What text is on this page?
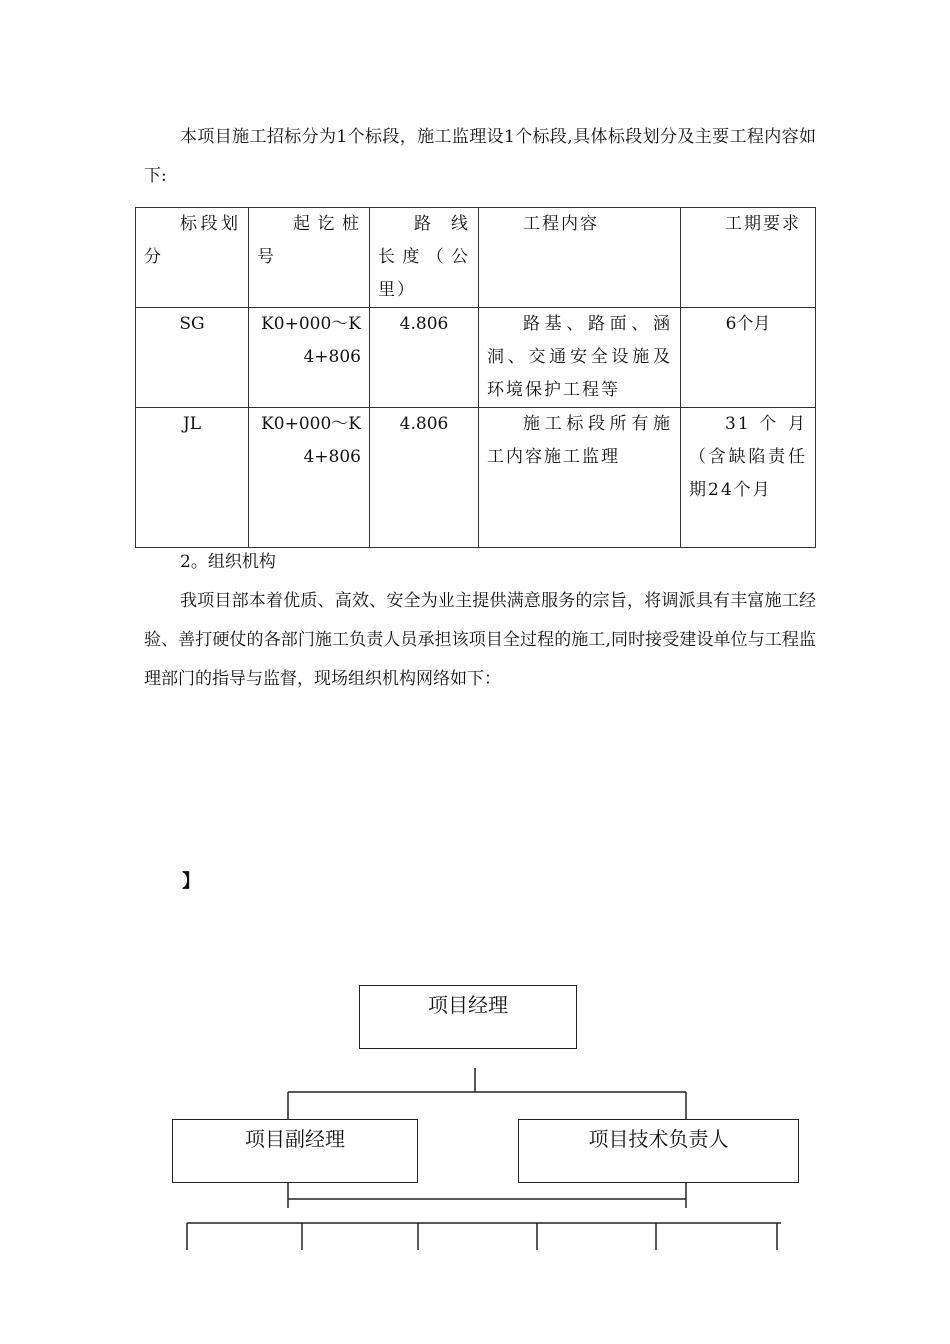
本项目施工招标分为1个标段，施工监理设1个标段,具体标段划分及主要工程内容如下:

标段划分	起讫桩号	路线长度（公里）	工程内容	工期要求
SG	K0+000～K4+806	4.806	路基、路面、涵洞、交通安全设施及环境保护工程等	6个月
JL	K0+000～K4+806	4.806	施工标段所有施工内容施工监理	31 个 月（含缺陷责任期24个月
2。组织机构

我项目部本着优质、高效、安全为业主提供满意服务的宗旨，将调派具有丰富施工经验、善打硬仗的各部门施工负责人员承担该项目全过程的施工,同时接受建设单位与工程监理部门的指导与监督，现场组织机构网络如下：

】
项目经理
项目副经理	项目技术负责人
